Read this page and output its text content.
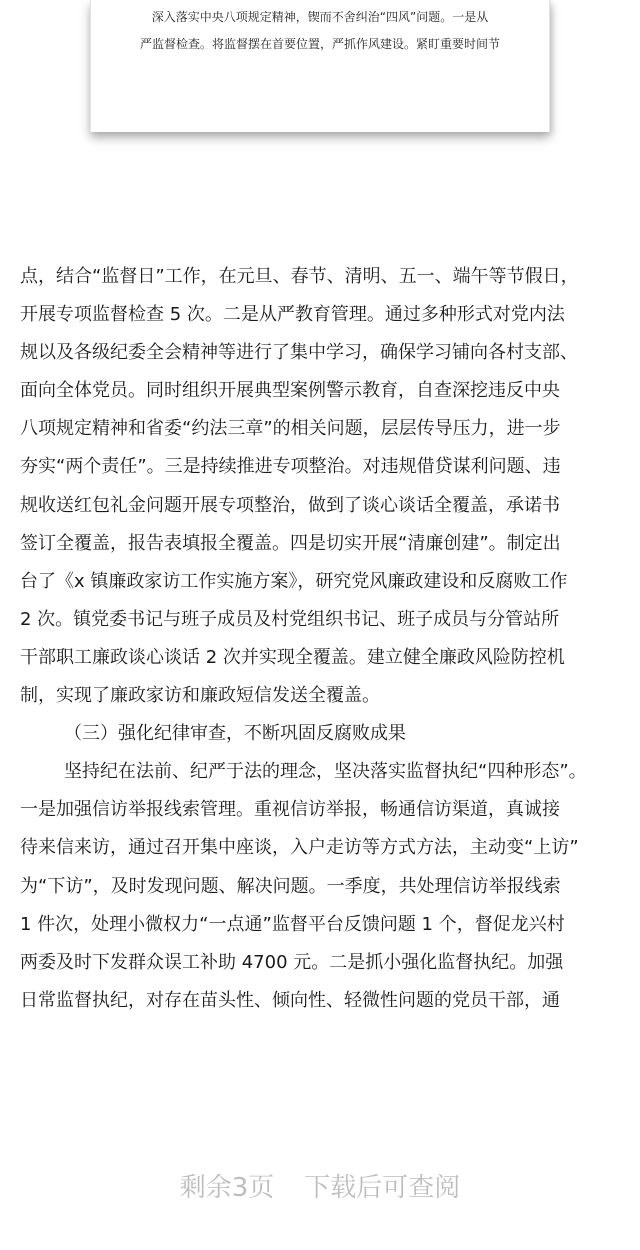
深入落实中央八项规定精神，锲而不舍纠治“四风”问题。一是从
严监督检查。将监督摆在首要位置，严抓作风建设。紧盯重要时间节
点，结合“监督日”工作，在元旦、春节、清明、五一、端午等节假日，
开展专项监督检查 5 次。二是从严教育管理。通过多种形式对党内法
规以及各级纪委全会精神等进行了集中学习，确保学习铺向各村支部、
面向全体党员。同时组织开展典型案例警示教育，自查深挖违反中央
八项规定精神和省委“约法三章”的相关问题，层层传导压力，进一步
夯实“两个责任”。三是持续推进专项整治。对违规借贷谋利问题、违
规收送红包礼金问题开展专项整治，做到了谈心谈话全覆盖，承诺书
签订全覆盖，报告表填报全覆盖。四是切实开展“清廉创建”。制定出
台了《x 镇廉政家访工作实施方案》，研究党风廉政建设和反腐败工作
2 次。镇党委书记与班子成员及村党组织书记、班子成员与分管站所
干部职工廉政谈心谈话 2 次并实现全覆盖。建立健全廉政风险防控机
制，实现了廉政家访和廉政短信发送全覆盖。
（三）强化纪律审查，不断巩固反腐败成果
坚持纪在法前、纪严于法的理念，坚决落实监督执纪“四种形态”。
一是加强信访举报线索管理。重视信访举报，畅通信访渠道，真诚接
待来信来访，通过召开集中座谈，入户走访等方式方法，主动变“上访”
为“下访”，及时发现问题、解决问题。一季度，共处理信访举报线索
1 件次，处理小微权力“一点通”监督平台反馈问题 1 个，督促龙兴村
两委及时下发群众误工补助 4700 元。二是抓小强化监督执纪。加强
日常监督执纪，对存在苗头性、倾向性、轻微性问题的党员干部，通
剩余3页 下载后可查阅
